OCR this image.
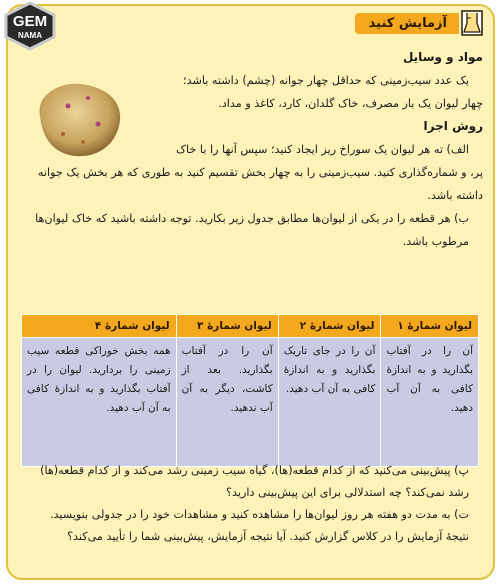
GEM
NAMA
آزمایش کنید

مواد و وسایل

یک عدد سیب‌زمینی که حداقل چهار جوانه (چشم) داشته باشد؛

چهار لیوان یک بار مصرف، خاک گلدان، کارد، کاغذ و مداد.

روش اجرا

الف) ته هر لیوان یک سوراخ ریز ایجاد کنید؛ سپس آنها را با خاک

پر، و شماره‌گذاری کنید. سیب‌زمینی را به چهار بخش تقسیم کنید به طوری که هر بخش یک جوانه داشته باشد.

ب) هر قطعه را در یکی از لیوان‌ها مطابق جدول زیر بکارید. توجه داشته باشید که خاک لیوان‌ها مرطوب باشد.

لیوان شمارهٔ ۱	لیوان شمارهٔ ۲	لیوان شمارهٔ ۳	لیوان شمارهٔ ۴
آن را در آفتاب بگذارید و به اندازهٔ کافی به آن آب دهید.	آن را در جای تاریک بگذارید و به اندازهٔ کافی به آن آب دهید.	آن را در آفتاب بگذارید. بعد از کاشت، دیگر به آن آب ندهید.	همه بخش خوراکی قطعه سیب زمینی را بردارید. لیوان را در آفتاب بگذارید و به اندازهٔ کافی به آن آب دهید.

پ) پیش‌بینی می‌کنید که از کدام قطعه(ها)، گیاه سیب زمینی رشد می‌کند و از کدام قطعه(ها) رشد نمی‌کند؟ چه استدلالی برای این پیش‌بینی دارید؟

ت) به مدت دو هفته هر روز لیوان‌ها را مشاهده کنید و مشاهدات خود را در جدولی بنویسید. نتیجهٔ آزمایش را در کلاس گزارش کنید. آیا نتیجه آزمایش، پیش‌بینی شما را تأیید می‌کند؟
